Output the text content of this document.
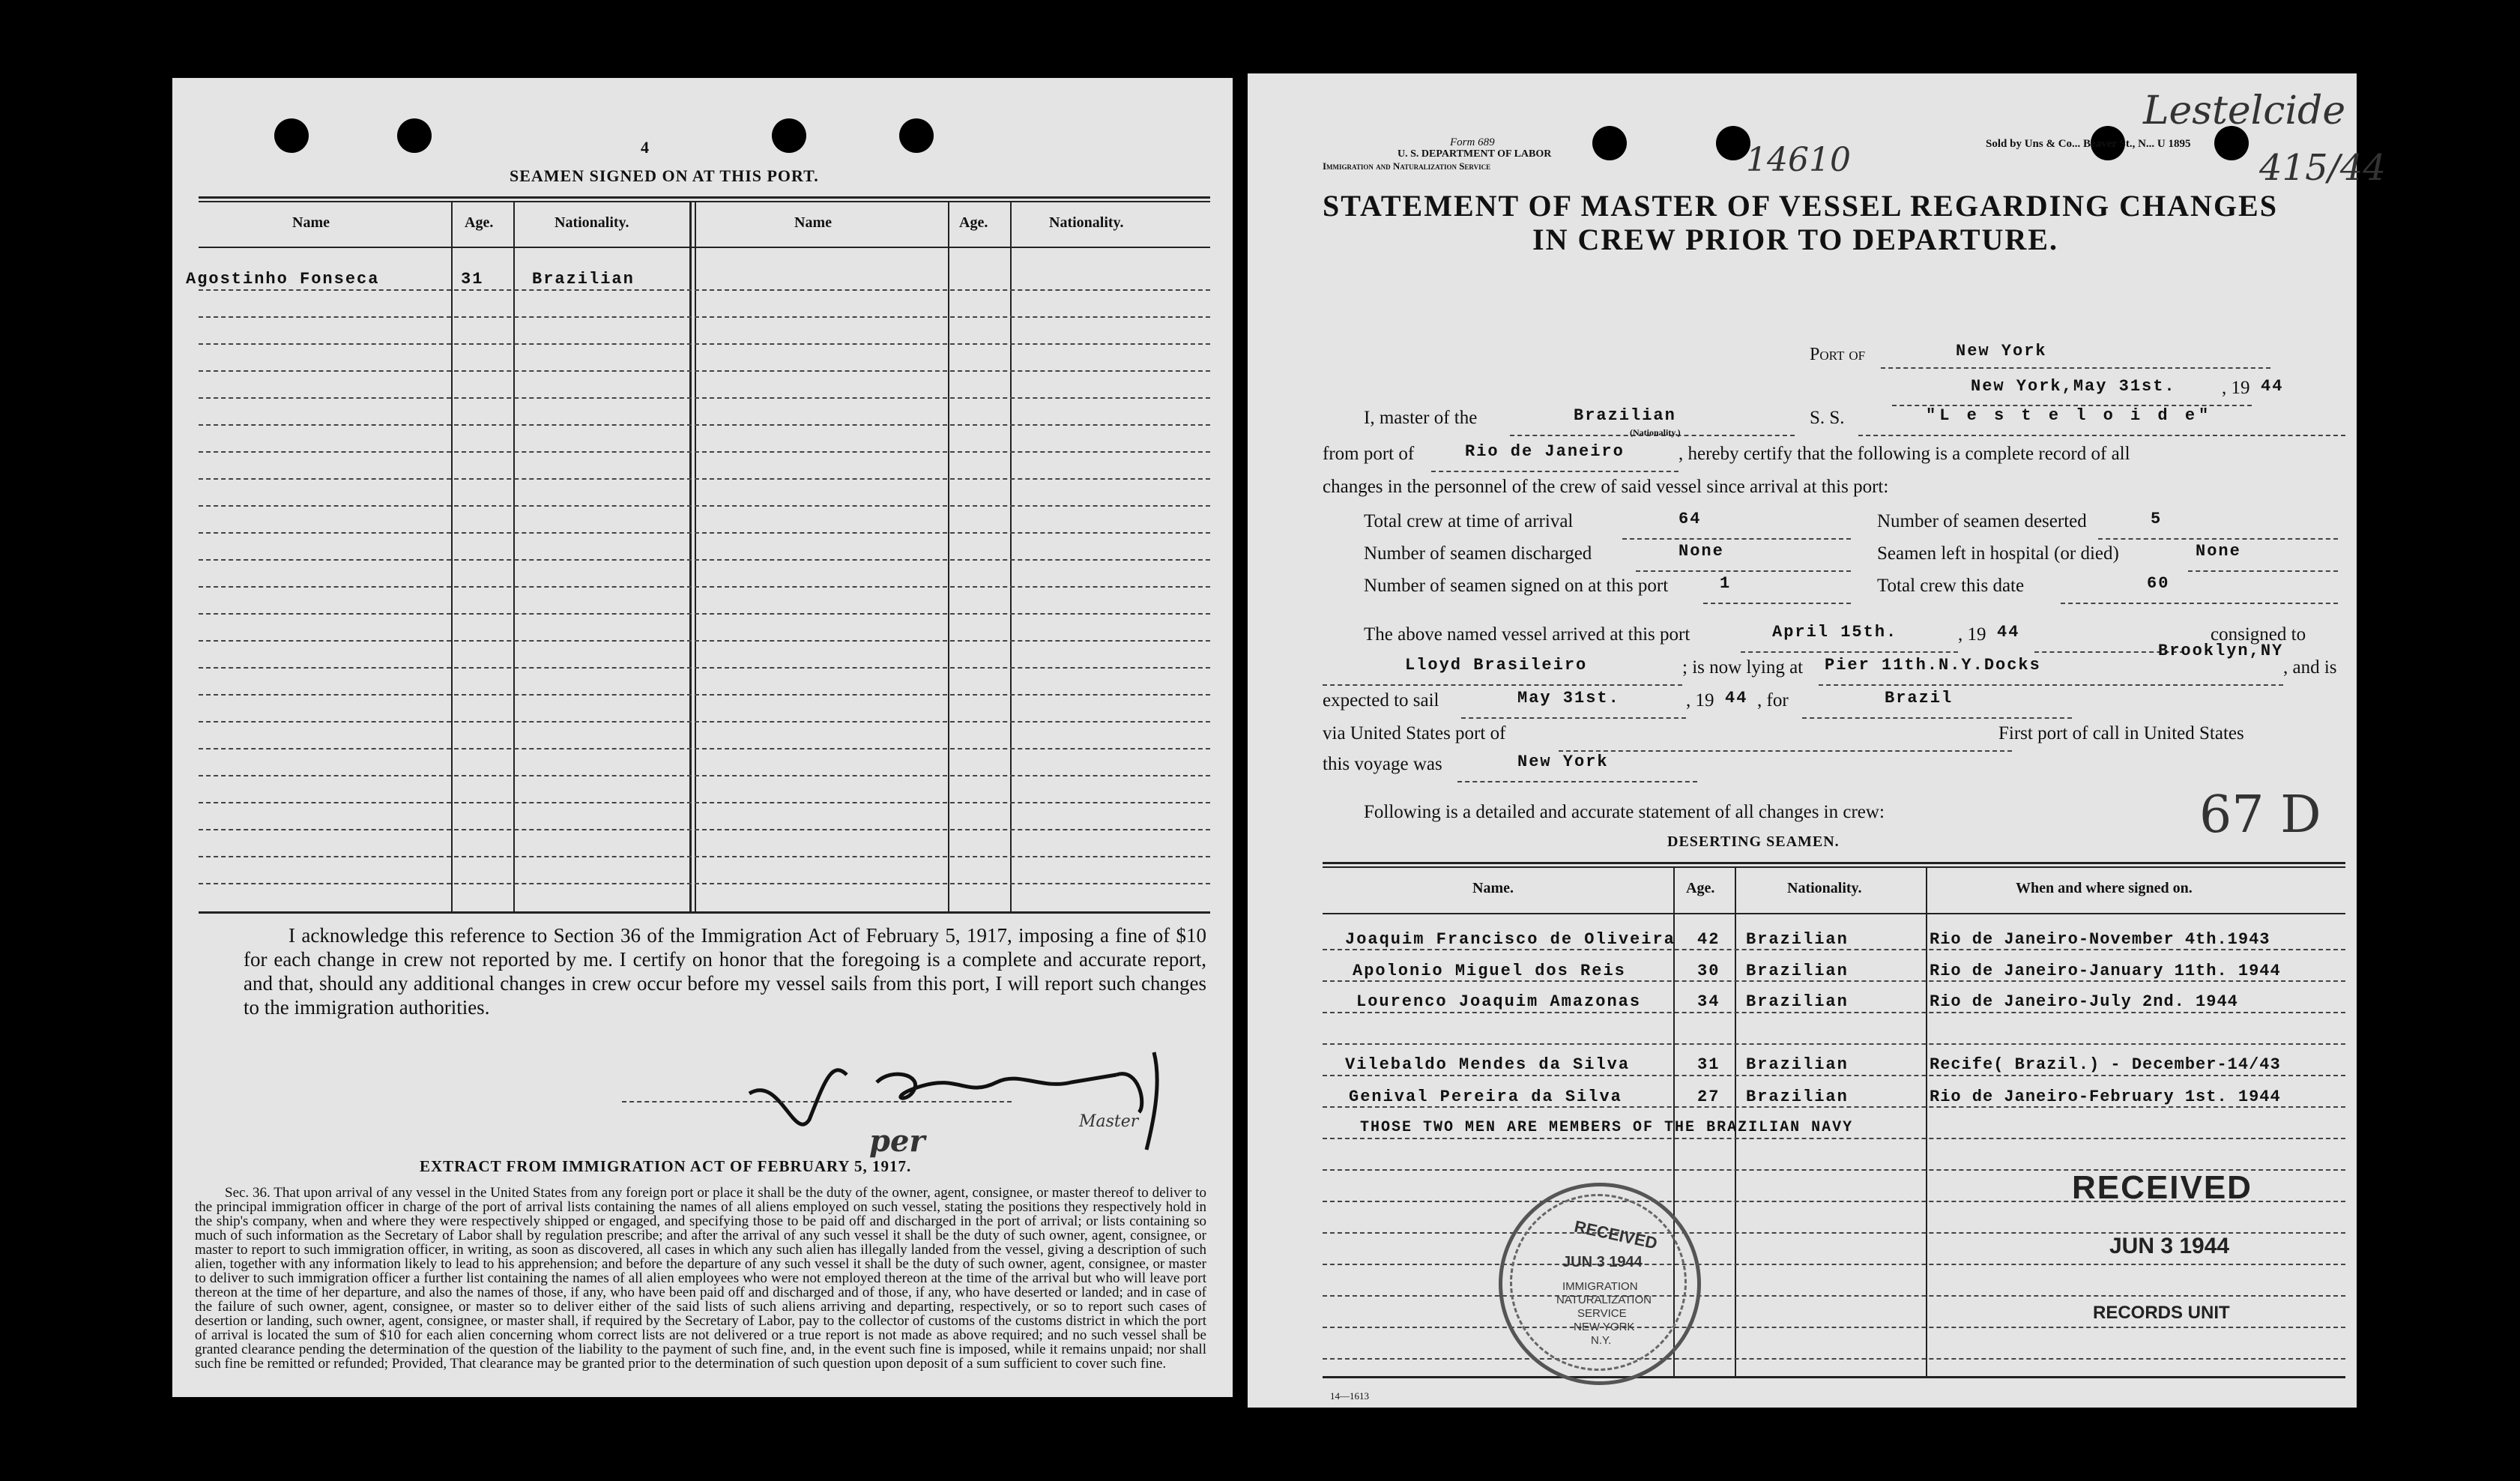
4
SEAMEN SIGNED ON AT THIS PORT.
Name	Age.	Nationality.	Name	Age.	Nationality.
Agostinho Fonseca	31	Brazilian
I acknowledge this reference to Section 36 of the Immigration Act of February 5, 1917, imposing a fine of $10 for each change in crew not reported by me. I certify on honor that the foregoing is a complete and accurate report, and that, should any additional changes in crew occur before my vessel sails from this port, I will report such changes to the immigration authorities.
Master
per
EXTRACT FROM IMMIGRATION ACT OF FEBRUARY 5, 1917.
Sec. 36. That upon arrival of any vessel in the United States from any foreign port or place it shall be the duty of the owner, agent, consignee, or master thereof to deliver to the principal immigration officer in charge of the port of arrival lists containing the names of all aliens employed on such vessel, stating the positions they respectively hold in the ship's company, when and where they were respectively shipped or engaged, and specifying those to be paid off and discharged in the port of arrival; or lists containing so much of such information as the Secretary of Labor shall by regulation prescribe; and after the arrival of any such vessel it shall be the duty of such owner, agent, consignee, or master to report to such immigration officer, in writing, as soon as discovered, all cases in which any such alien has illegally landed from the vessel, giving a description of such alien, together with any information likely to lead to his apprehension; and before the departure of any such vessel it shall be the duty of such owner, agent, consignee, or master to deliver to such immigration officer a further list containing the names of all alien employees who were not employed thereon at the time of the arrival but who will leave port thereon at the time of her departure, and also the names of those, if any, who have been paid off and discharged and of those, if any, who have deserted or landed; and in case of the failure of such owner, agent, consignee, or master so to deliver either of the said lists of such aliens arriving and departing, respectively, or so to report such cases of desertion or landing, such owner, agent, consignee, or master shall, if required by the Secretary of Labor, pay to the collector of customs of the customs district in which the port of arrival is located the sum of $10 for each alien concerning whom correct lists are not delivered or a true report is not made as above required; and no such vessel shall be granted clearance pending the determination of the question of the liability to the payment of such fine, and, in the event such fine is imposed, while it remains unpaid; nor shall such fine be remitted or refunded; Provided, That clearance may be granted prior to the determination of such question upon deposit of a sum sufficient to cover such fine.
Form 689
U. S. DEPARTMENT OF LABOR
Immigration and Naturalization Service
Sold by Uns & Co... Beaver St., N... U 1895
Lestelcide
14610	415/44
STATEMENT OF MASTER OF VESSEL REGARDING CHANGES
IN CREW PRIOR TO DEPARTURE.
Port of	New York
New York,May 31st. , 19 44
I, master of the	Brazilian
(Nationality.)
S. S.	"L e s t e l o i d e"
from port of	Rio de Janeiro	, hereby certify that the following is a complete record of all
changes in the personnel of the crew of said vessel since arrival at this port:
Total crew at time of arrival	64	Number of seamen deserted	5
Number of seamen discharged	None	Seamen left in hospital (or died)	None
Number of seamen signed on at this port	1	Total crew this date	60
The above named vessel arrived at this port	April 15th.	, 19 44	consigned to
Lloyd Brasileiro	; is now lying at Pier 11th.N.Y.Docks
Brooklyn,NY
, and is
expected to sail	May 31st.	, 19 44 , for	Brazil
via United States port of	First port of call in United States
this voyage was	New York
Following is a detailed and accurate statement of all changes in crew:	67 D
DESERTING SEAMEN.
Name.	Age.	Nationality.	When and where signed on.
Joaquim Francisco de Oliveira 42 Brazilian	Rio de Janeiro-November 4th.1943
Apolonio Miguel dos Reis	30 Brazilian	Rio de Janeiro-January 11th. 1944
Lourenco Joaquim Amazonas	34 Brazilian	Rio de Janeiro-July 2nd. 1944
Vilebaldo Mendes da Silva	31 Brazilian	Recife( Brazil.) - December-14/43
Genival Pereira da Silva	27 Brazilian	Rio de Janeiro-February 1st. 1944
THOSE TWO MEN ARE MEMBERS OF THE BRAZILIAN NAVY
RECEIVED
JUN 3 1944
RECORDS UNIT
RECEIVED
JUN 3 1944
IMMIGRATION
NATURALIZATION
SERVICE
NEW YORK
N.Y.
14—1613
